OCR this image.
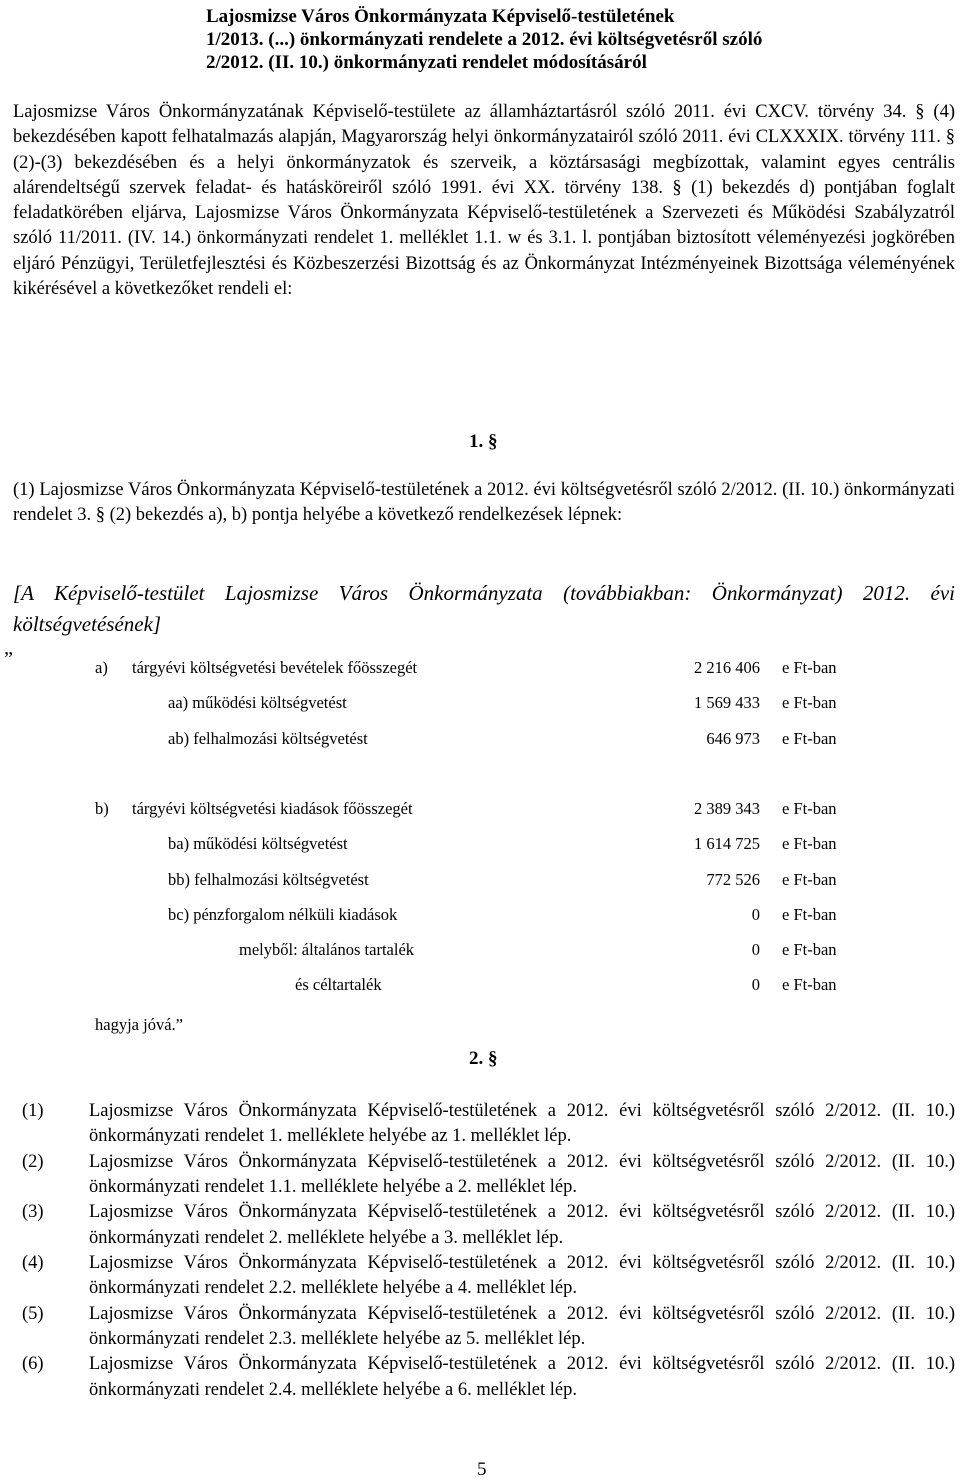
Lajosmizse Város Önkormányzata Képviselő-testületének
1/2013. (...) önkormányzati rendelete a 2012. évi költségvetésről szóló
2/2012. (II. 10.) önkormányzati rendelet módosításáról
Lajosmizse Város Önkormányzatának Képviselő-testülete az államháztartásról szóló 2011. évi CXCV. törvény 34. § (4) bekezdésében kapott felhatalmazás alapján, Magyarország helyi önkormányzatairól szóló 2011. évi CLXXXIX. törvény 111. § (2)-(3) bekezdésében és a helyi önkormányzatok és szerveik, a köztársasági megbízottak, valamint egyes centrális alárendeltségű szervek feladat- és hatásköreiről szóló 1991. évi XX. törvény 138. § (1) bekezdés d) pontjában foglalt feladatkörében eljárva, Lajosmizse Város Önkormányzata Képviselő-testületének a Szervezeti és Működési Szabályzatról szóló 11/2011. (IV. 14.) önkormányzati rendelet 1. melléklet 1.1. w és 3.1. l. pontjában biztosított véleményezési jogkörében eljáró Pénzügyi, Területfejlesztési és Közbeszerzési Bizottság és az Önkormányzat Intézményeinek Bizottsága véleményének kikérésével a következőket rendeli el:
1. §
(1) Lajosmizse Város Önkormányzata Képviselő-testületének a 2012. évi költségvetésről szóló 2/2012. (II. 10.) önkormányzati rendelet 3. § (2) bekezdés a), b) pontja helyébe a következő rendelkezések lépnek:
[A Képviselő-testület Lajosmizse Város Önkormányzata (továbbiakban: Önkormányzat) 2012. évi költségvetésének]
„
a) tárgyévi költségvetési bevételek főösszegét	2 216 406 e Ft-ban
aa) működési költségvetést	1 569 433 e Ft-ban
ab) felhalmozási költségvetést	646 973 e Ft-ban
b) tárgyévi költségvetési kiadások főösszegét	2 389 343 e Ft-ban
ba) működési költségvetést	1 614 725 e Ft-ban
bb) felhalmozási költségvetést	772 526 e Ft-ban
bc) pénzforgalom nélküli kiadások	0 e Ft-ban
melyből: általános tartalék	0 e Ft-ban
és céltartalék	0 e Ft-ban
hagyja jóvá.”
2. §
(1) Lajosmizse Város Önkormányzata Képviselő-testületének a 2012. évi költségvetésről szóló 2/2012. (II. 10.) önkormányzati rendelet 1. melléklete helyébe az 1. melléklet lép.
(2) Lajosmizse Város Önkormányzata Képviselő-testületének a 2012. évi költségvetésről szóló 2/2012. (II. 10.) önkormányzati rendelet 1.1. melléklete helyébe a 2. melléklet lép.
(3) Lajosmizse Város Önkormányzata Képviselő-testületének a 2012. évi költségvetésről szóló 2/2012. (II. 10.) önkormányzati rendelet 2. melléklete helyébe a 3. melléklet lép.
(4) Lajosmizse Város Önkormányzata Képviselő-testületének a 2012. évi költségvetésről szóló 2/2012. (II. 10.) önkormányzati rendelet 2.2. melléklete helyébe a 4. melléklet lép.
(5) Lajosmizse Város Önkormányzata Képviselő-testületének a 2012. évi költségvetésről szóló 2/2012. (II. 10.) önkormányzati rendelet 2.3. melléklete helyébe az 5. melléklet lép.
(6) Lajosmizse Város Önkormányzata Képviselő-testületének a 2012. évi költségvetésről szóló 2/2012. (II. 10.) önkormányzati rendelet 2.4. melléklete helyébe a 6. melléklet lép.
5
